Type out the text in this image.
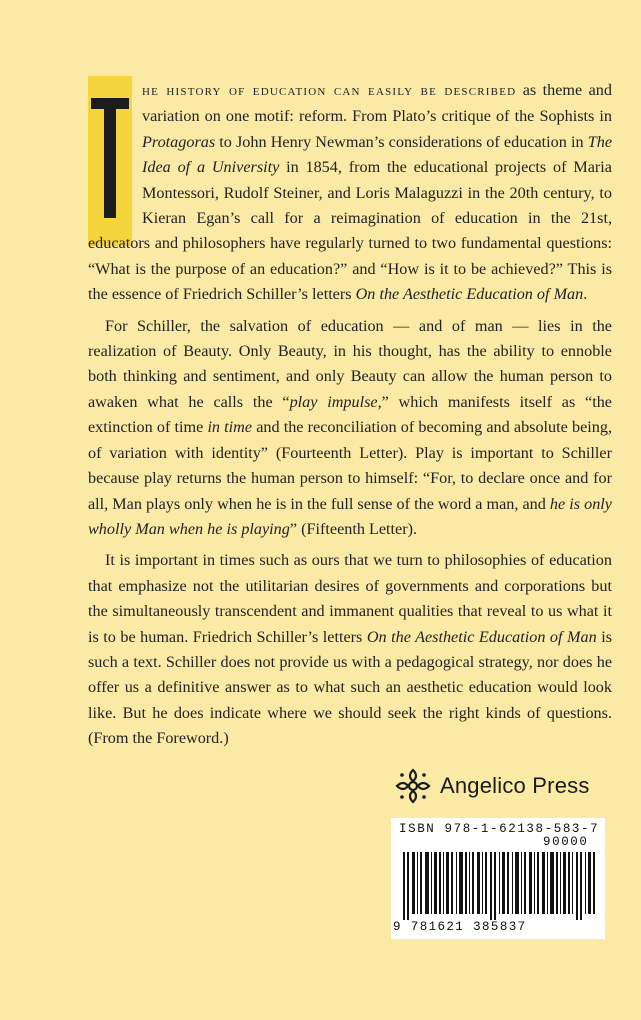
he history of education can easily be described as theme and variation on one motif: reform. From Plato’s critique of the Sophists in Protagoras to John Henry Newman’s considerations of education in The Idea of a University in 1854, from the educational projects of Maria Montessori, Rudolf Steiner, and Loris Malaguzzi in the 20th century, to Kieran Egan’s call for a reimagination of education in the 21st, educators and philosophers have regularly turned to two fundamental questions: “What is the purpose of an education?” and “How is it to be achieved?” This is the essence of Friedrich Schiller’s letters On the Aesthetic Education of Man.

For Schiller, the salvation of education — and of man — lies in the realization of Beauty. Only Beauty, in his thought, has the ability to ennoble both thinking and sentiment, and only Beauty can allow the human person to awaken what he calls the “play impulse,” which manifests itself as “the extinction of time in time and the reconciliation of becoming and absolute being, of variation with identity” (Fourteenth Letter). Play is important to Schiller because play returns the human person to himself: “For, to declare once and for all, Man plays only when he is in the full sense of the word a man, and he is only wholly Man when he is playing” (Fifteenth Letter).

It is important in times such as ours that we turn to philosophies of education that emphasize not the utilitarian desires of governments and corporations but the simultaneously transcendent and immanent qualities that reveal to us what it is to be human. Friedrich Schiller’s letters On the Aesthetic Education of Man is such a text. Schiller does not provide us with a pedagogical strategy, nor does he offer us a definitive answer as to what such an aesthetic education would look like. But he does indicate where we should seek the right kinds of questions. (From the Foreword.)

Angelico Press
ISBN 978-1-62138-583-7
90000
9 781621 385837
